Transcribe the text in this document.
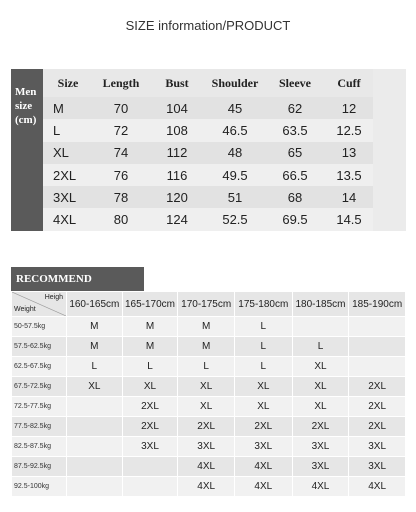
SIZE information/PRODUCT
Men
size
(cm)
Size	Length	Bust	Shoulder	Sleeve	Cuff
M	70	104	45	62	12
L	72	108	46.5	63.5	12.5
XL	74	112	48	65	13
2XL	76	116	49.5	66.5	13.5
3XL	78	120	51	68	14
4XL	80	124	52.5	69.5	14.5
RECOMMEND
Heigh
Weight	160-165cm	165-170cm	170-175cm	175-180cm	180-185cm	185-190cm
50-57.5kg	M	M	M	L		
57.5-62.5kg	M	M	M	L	L	
62.5-67.5kg	L	L	L	L	XL	
67.5-72.5kg	XL	XL	XL	XL	XL	2XL
72.5-77.5kg		2XL	XL	XL	XL	2XL
77.5-82.5kg		2XL	2XL	2XL	2XL	2XL
82.5-87.5kg		3XL	3XL	3XL	3XL	3XL
87.5-92.5kg			4XL	4XL	3XL	3XL
92.5-100kg			4XL	4XL	4XL	4XL
